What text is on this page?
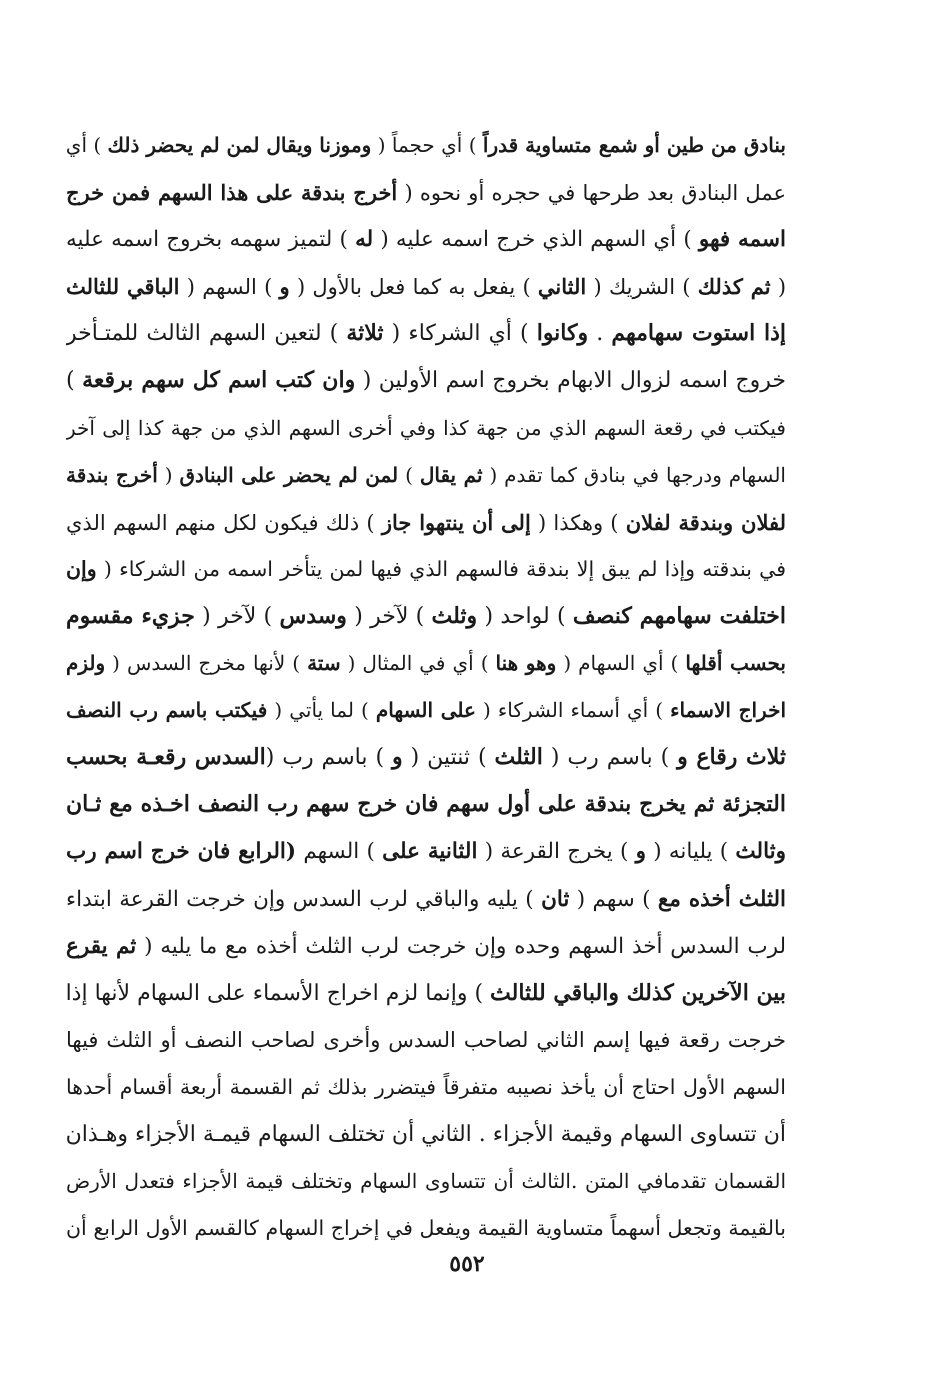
بنادق من طين أو شمع متساوية قدراً ) أي حجماً ( وموزنا ويقال لمن لم يحضر ذلك ) أي
عمل البنادق بعد طرحها في حجره أو نحوه ( أخرج بندقة على هذا السهم فمن خرج
اسمه فهو ) أي السهم الذي خرج اسمه عليه ( له ) لتميز سهمه بخروج اسمه عليه
( ثم كذلك ) الشريك ( الثاني ) يفعل به كما فعل بالأول ( و ) السهم ( الباقي للثالث
إذا استوت سهامهم . وكانوا ) أي الشركاء ( ثلاثة ) لتعين السهم الثالث للمتـأخر
خروج اسمه لزوال الابهام بخروج اسم الأولين ( وان كتب اسم كل سهم برقعة )
فيكتب في رقعة السهم الذي من جهة كذا وفي أخرى السهم الذي من جهة كذا إلى آخر
السهام ودرجها في بنادق كما تقدم ( ثم يقال ) لمن لم يحضر على البنادق ( أخرج بندقة
لفلان وبندقة لفلان ) وهكذا ( إلى أن ينتهوا جاز ) ذلك فيكون لكل منهم السهم الذي
في بندقته وإذا لم يبق إلا بندقة فالسهم الذي فيها لمن يتأخر اسمه من الشركاء ( وإن
اختلفت سهامهم كنصف ) لواحد ( وثلث ) لآخر ( وسدس ) لآخر ( جزيء مقسوم
بحسب أقلها ) أي السهام ( وهو هنا ) أي في المثال ( ستة ) لأنها مخرج السدس ( ولزم
اخراج الاسماء ) أي أسماء الشركاء ( على السهام ) لما يأتي ( فيكتب باسم رب النصف
ثلاث رقاع و ) باسم رب ( الثلث ) ثنتين ( و ) باسم رب (السدس رقعـة بحسب
التجزئة ثم يخرج بندقة على أول سهم فان خرج سهم رب النصف اخـذه مع ثـان
وثالث ) يليانه ( و ) يخرج القرعة ( الثانية على ) السهم (الرابع فان خرج اسم رب
الثلث أخذه مع ) سهم ( ثان ) يليه والباقي لرب السدس وإن خرجت القرعة ابتداء
لرب السدس أخذ السهم وحده وإن خرجت لرب الثلث أخذه مع ما يليه ( ثم يقرع
بين الآخرين كذلك والباقي للثالث ) وإنما لزم اخراج الأسماء على السهام لأنها إذا
خرجت رقعة فيها إسم الثاني لصاحب السدس وأخرى لصاحب النصف أو الثلث فيها
السهم الأول احتاج أن يأخذ نصيبه متفرقاً فيتضرر بذلك ثم القسمة أربعة أقسام أحدها
أن تتساوى السهام وقيمة الأجزاء . الثاني أن تختلف السهام قيمـة الأجزاء وهـذان
القسمان تقدمافي المتن .الثالث أن تتساوى السهام وتختلف قيمة الأجزاء فتعدل الأرض
بالقيمة وتجعل أسهماً متساوية القيمة ويفعل في إخراج السهام كالقسم الأول الرابع أن
٥٥٢
